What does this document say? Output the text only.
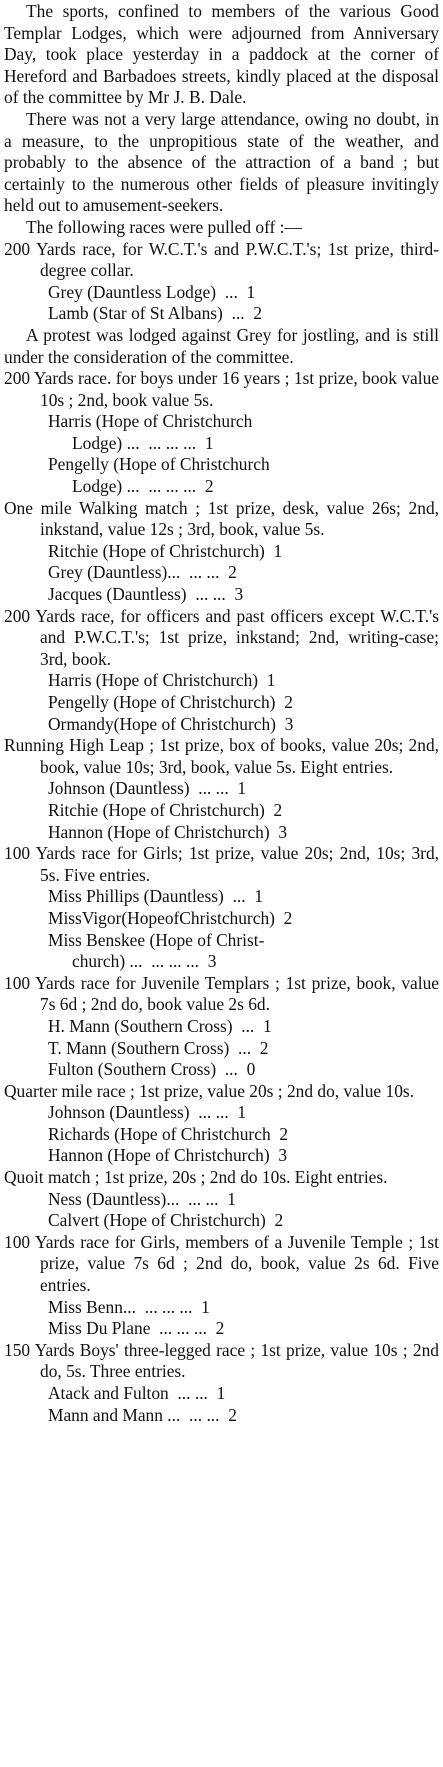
The sports, confined to members of the various Good Templar Lodges, which were adjourned from Anniversary Day, took place yesterday in a paddock at the corner of Hereford and Barbadoes streets, kindly placed at the disposal of the committee by Mr J. B. Dale.

There was not a very large attendance, owing no doubt, in a measure, to the unpropitious state of the weather, and probably to the absence of the attraction of a band ; but certainly to the numerous other fields of pleasure invitingly held out to amusement-seekers.

The following races were pulled off :—

200 Yards race, for W.C.T.'s and P.W.C.T.'s; 1st prize, third-degree collar.
Grey (Dauntless Lodge) ... 1
Lamb (Star of St Albans) ... 2
A protest was lodged against Grey for jostling, and is still under the consideration of the committee.
200 Yards race. for boys under 16 years ; 1st prize, book value 10s ; 2nd, book value 5s.
Harris (Hope of Christchurch
Lodge) ... ... ... ... 1
Pengelly (Hope of Christchurch
Lodge) ... ... ... ... 2
One mile Walking match ; 1st prize, desk, value 26s; 2nd, inkstand, value 12s ; 3rd, book, value 5s.
Ritchie (Hope of Christchurch) 1
Grey (Dauntless)... ... ... 2
Jacques (Dauntless) ... ... 3
200 Yards race, for officers and past officers except W.C.T.'s and P.W.C.T.'s; 1st prize, inkstand; 2nd, writing-case; 3rd, book.
Harris (Hope of Christchurch) 1
Pengelly (Hope of Christchurch) 2
Ormandy(Hope of Christchurch) 3
Running High Leap ; 1st prize, box of books, value 20s; 2nd, book, value 10s; 3rd, book, value 5s. Eight entries.
Johnson (Dauntless) ... ... 1
Ritchie (Hope of Christchurch) 2
Hannon (Hope of Christchurch) 3
100 Yards race for Girls; 1st prize, value 20s; 2nd, 10s; 3rd, 5s. Five entries.
Miss Phillips (Dauntless) ... 1
MissVigor(HopeofChristchurch) 2
Miss Benskee (Hope of Christ-
church) ... ... ... ... 3
100 Yards race for Juvenile Templars ; 1st prize, book, value 7s 6d ; 2nd do, book value 2s 6d.
H. Mann (Southern Cross) ... 1
T. Mann (Southern Cross) ... 2
Fulton (Southern Cross) ... 0
Quarter mile race ; 1st prize, value 20s ; 2nd do, value 10s.
Johnson (Dauntless) ... ... 1
Richards (Hope of Christchurch 2
Hannon (Hope of Christchurch) 3
Quoit match ; 1st prize, 20s ; 2nd do 10s. Eight entries.
Ness (Dauntless)... ... ... 1
Calvert (Hope of Christchurch) 2
100 Yards race for Girls, members of a Juvenile Temple ; 1st prize, value 7s 6d ; 2nd do, book, value 2s 6d. Five entries.
Miss Benn... ... ... ... 1
Miss Du Plane ... ... ... 2
150 Yards Boys' three-legged race ; 1st prize, value 10s ; 2nd do, 5s. Three entries.
Atack and Fulton ... ... 1
Mann and Mann ... ... ... 2
